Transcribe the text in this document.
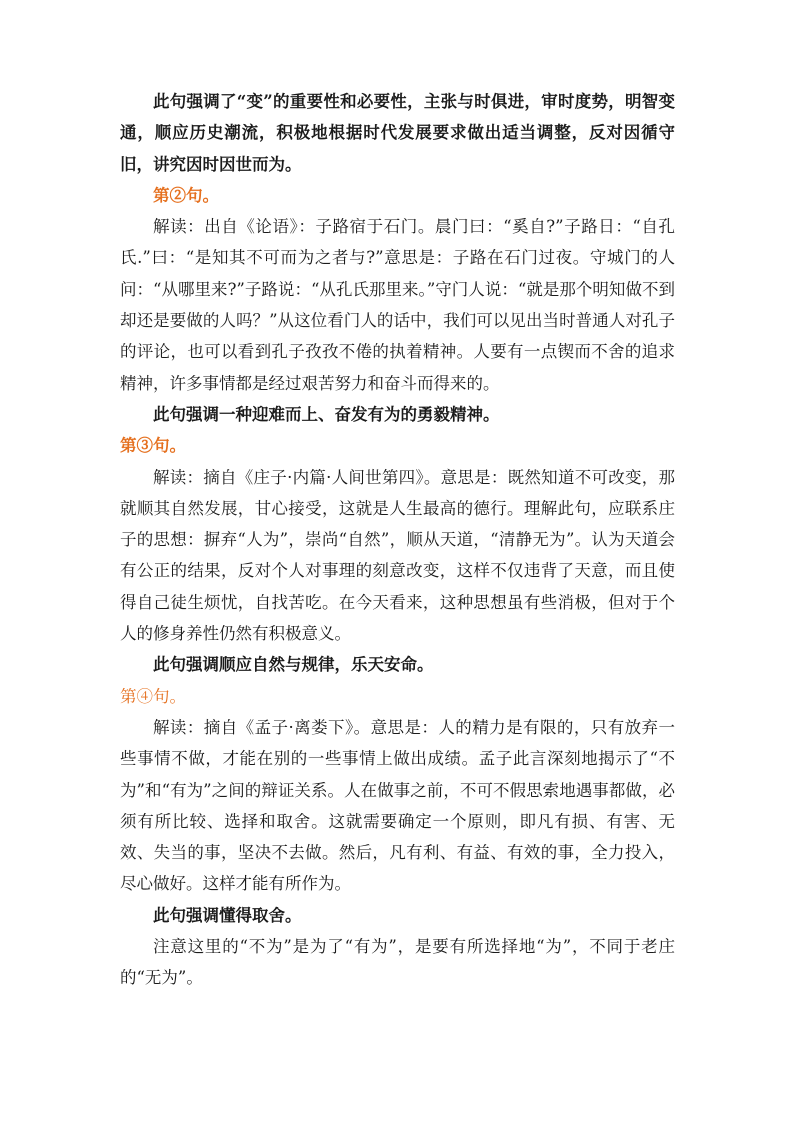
此句强调了“变”的重要性和必要性，主张与时俱进，审时度势，明智变通，顺应历史潮流，积极地根据时代发展要求做出适当调整，反对因循守旧，讲究因时因世而为。

第②句。

解读：出自《论语》：子路宿于石门。晨门曰：“奚自?”子路日：“自孔氏.”曰：“是知其不可而为之者与?”意思是：子路在石门过夜。守城门的人问：“从哪里来?”子路说：“从孔氏那里来。”守门人说：“就是那个明知做不到却还是要做的人吗？”从这位看门人的话中，我们可以见出当时普通人对孔子的评论，也可以看到孔子孜孜不倦的执着精神。人要有一点锲而不舍的追求精神，许多事情都是经过艰苦努力和奋斗而得来的。

此句强调一种迎难而上、奋发有为的勇毅精神。

第③句。

解读：摘自《庄子·内篇·人间世第四》。意思是：既然知道不可改变，那就顺其自然发展，甘心接受，这就是人生最高的德行。理解此句，应联系庄子的思想：摒弃“人为”，崇尚“自然”，顺从天道，“清静无为”。认为天道会有公正的结果，反对个人对事理的刻意改变，这样不仅违背了天意，而且使得自己徒生烦忧，自找苦吃。在今天看来，这种思想虽有些消极，但对于个人的修身养性仍然有积极意义。

此句强调顺应自然与规律，乐天安命。

第④句。

解读：摘自《孟子·离娄下》。意思是：人的精力是有限的，只有放弃一些事情不做，才能在别的一些事情上做出成绩。孟子此言深刻地揭示了“不为”和“有为”之间的辩证关系。人在做事之前，不可不假思索地遇事都做，必须有所比较、选择和取舍。这就需要确定一个原则，即凡有损、有害、无效、失当的事，坚决不去做。然后，凡有利、有益、有效的事，全力投入，尽心做好。这样才能有所作为。

此句强调懂得取舍。

注意这里的“不为”是为了“有为”，是要有所选择地“为”，不同于老庄的“无为”。
